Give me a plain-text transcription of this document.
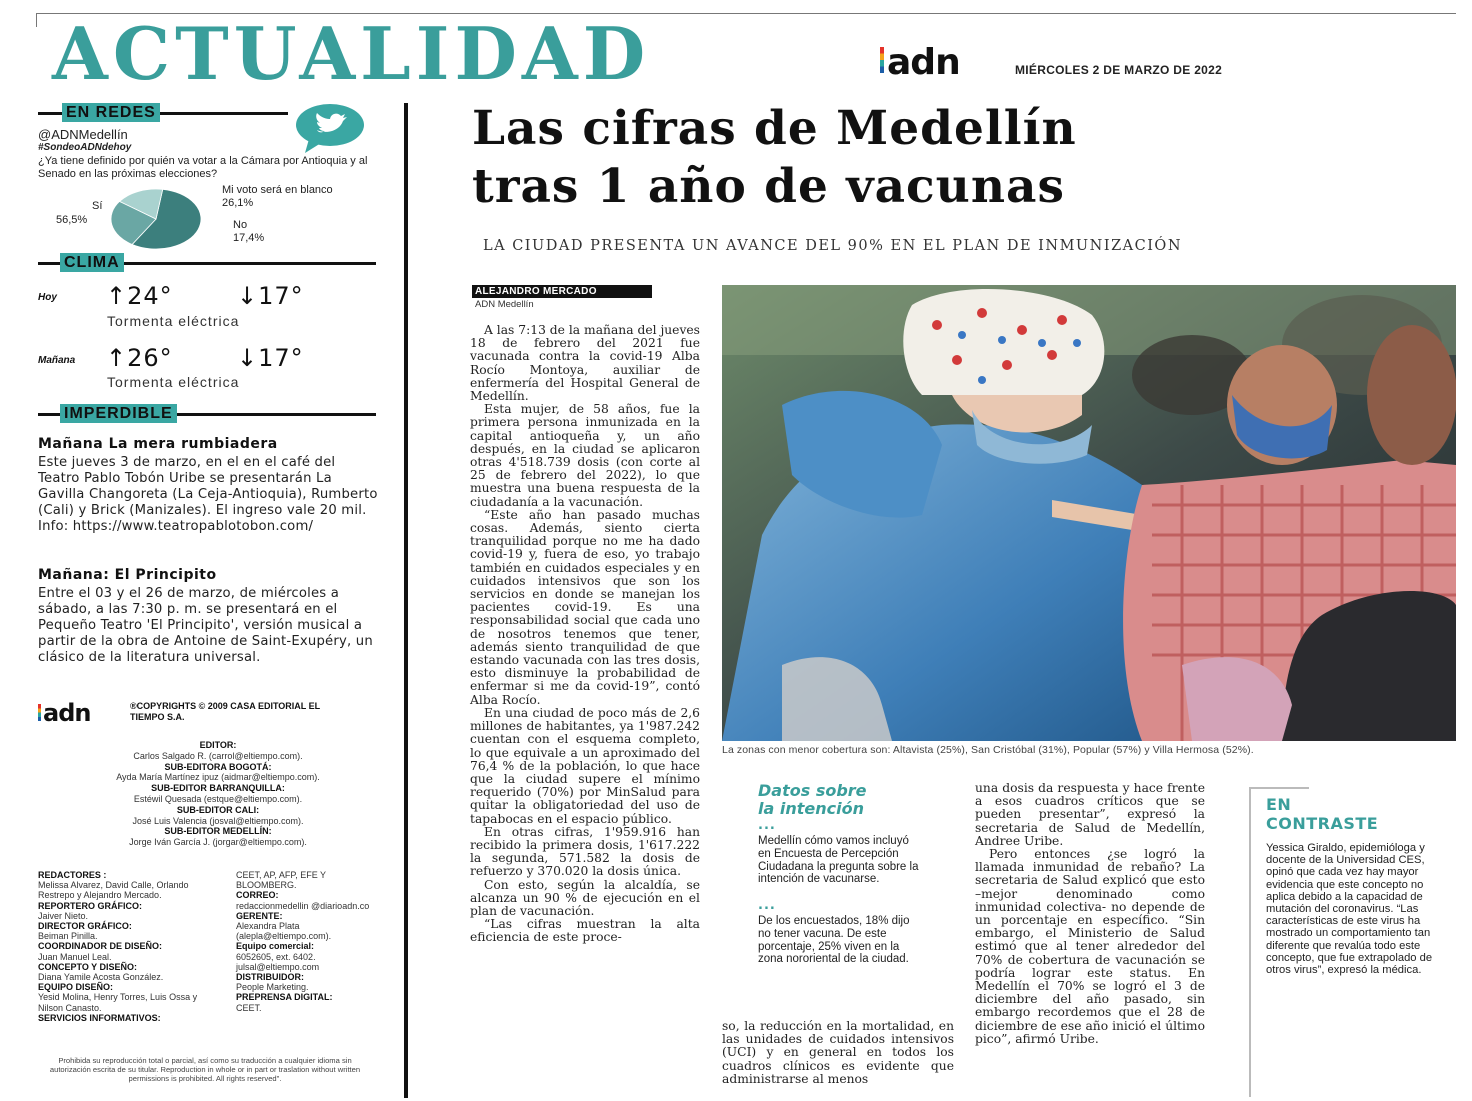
ACTUALIDAD	adn	MIÉRCOLES 2 DE MARZO DE 2022
EN REDES
@ADNMedellín
#SondeoADNdehoy
¿Ya tiene definido por quién va votar a la Cámara por Antioquia y al Senado en las próximas elecciones?
Sí
56,5%
Mi voto será en blanco
26,1%
No
17,4%
CLIMA
Hoy ↑24°	↓17°
Tormenta eléctrica
Mañana ↑26°	↓17°
Tormenta eléctrica
IMPERDIBLE
Mañana La mera rumbiadera
Este jueves 3 de marzo, en el en el café del Teatro Pablo Tobón Uribe se presentarán La Gavilla Changoreta (La Ceja-Antioquia), Rumberto (Cali) y Brick (Manizales). El ingreso vale 20 mil. Info: https://www.teatropablotobon.com/
Mañana: El Principito
Entre el 03 y el 26 de marzo, de miércoles a sábado, a las 7:30 p. m. se presentará en el Pequeño Teatro 'El Principito', versión musical a partir de la obra de Antoine de Saint-Exupéry, un clásico de la literatura universal.
adn	®COPYRIGHTS © 2009 CASA EDITORIAL EL TIEMPO S.A.
EDITOR:
Carlos Salgado R. (carrol@eltiempo.com).
SUB-EDITORA BOGOTÁ:
Ayda María Martínez ipuz (aidmar@eltiempo.com).
SUB-EDITOR BARRANQUILLA:
Estéwil Quesada (estque@eltiempo.com).
SUB-EDITOR CALI:
José Luis Valencia (josval@eltiempo.com).
SUB-EDITOR MEDELLÍN:
Jorge Iván García J. (jorgar@eltiempo.com).
REDACTORES :
Melissa Alvarez, David Calle, Orlando Restrepo y Alejandro Mercado.
REPORTERO GRÁFICO:
Jaiver Nieto.
DIRECTOR GRÁFICO:
Beiman Pinilla.
COORDINADOR DE DISEÑO:
Juan Manuel Leal.
CONCEPTO Y DISEÑO:
Diana Yamile Acosta González.
EQUIPO DISEÑO:
Yesid Molina, Henry Torres, Luis Ossa y Nilson Canasto.
SERVICIOS INFORMATIVOS:
CEET, AP, AFP, EFE Y BLOOMBERG.
CORREO:
redaccionmedellin @diarioadn.co
GERENTE:
Alexandra Plata (alepla@eltiempo.com).
Equipo comercial:
6052605, ext. 6402. julsal@eltiempo.com
DISTRIBUIDOR:
People Marketing.
PREPRENSA DIGITAL:
CEET.
Prohibida su reproducción total o parcial, así como su traducción a cualquier idioma sin autorización escrita de su titular. Reproduction in whole or in part or traslation without written permissions is prohibited. All rights reserved".
Las cifras de Medellín
tras 1 año de vacunas
LA CIUDAD PRESENTA UN AVANCE DEL 90% EN EL PLAN DE INMUNIZACIÓN
ALEJANDRO MERCADO
ADN Medellín

A las 7:13 de la mañana del jueves 18 de febrero del 2021 fue vacunada contra la covid-19 Alba Rocío Montoya, auxiliar de enfermería del Hospital General de Medellín.

Esta mujer, de 58 años, fue la primera persona inmunizada en la capital antioqueña y, un año después, en la ciudad se aplicaron otras 4'518.739 dosis (con corte al 25 de febrero del 2022), lo que muestra una buena respuesta de la ciudadanía a la vacunación.

“Este año han pasado muchas cosas. Además, siento cierta tranquilidad porque no me ha dado covid-19 y, fuera de eso, yo trabajo también en cuidados especiales y en cuidados intensivos que son los servicios en donde se manejan los pacientes covid-19. Es una responsabilidad social que cada uno de nosotros tenemos que tener, además siento tranquilidad de que estando vacunada con las tres dosis, esto disminuye la probabilidad de enfermar si me da covid-19”, contó Alba Rocío.

En una ciudad de poco más de 2,6 millones de habitantes, ya 1'987.242 cuentan con el esquema completo, lo que equivale a un aproximado del 76,4 % de la población, lo que hace que la ciudad supere el mínimo requerido (70%) por MinSalud para quitar la obligatoriedad del uso de tapabocas en el espacio público.

En otras cifras, 1'959.916 han recibido la primera dosis, 1'617.222 la segunda, 571.582 la dosis de refuerzo y 370.020 la dosis única.

Con esto, según la alcaldía, se alcanza un 90 % de ejecución en el plan de vacunación.

“Las cifras muestran la alta eficiencia de este proce-

La zonas con menor cobertura son: Altavista (25%), San Cristóbal (31%), Popular (57%) y Villa Hermosa (52%).
Datos sobre
la intención
...
Medellín cómo vamos incluyó en Encuesta de Percepción Ciudadana la pregunta sobre la intención de vacunarse.
...
De los encuestados, 18% dijo no tener vacuna. De este porcentaje, 25% viven en la zona nororiental de la ciudad.
so, la reducción en la mortalidad, en las unidades de cuidados intensivos (UCI) y en general en todos los cuadros clínicos es evidente que administrarse al menos
una dosis da respuesta y hace frente a esos cuadros críticos que se pueden presentar”, expresó la secretaria de Salud de Medellín, Andree Uribe.

Pero entonces ¿se logró la llamada inmunidad de rebaño? La secretaria de Salud explicó que esto –mejor denominado como inmunidad colectiva- no depende de un porcentaje en específico. “Sin embargo, el Ministerio de Salud estimó que al tener alrededor del 70% de cobertura de vacunación se podría lograr este status. En Medellín el 70% se logró el 3 de diciembre del año pasado, sin embargo recordemos que el 28 de diciembre de ese año inició el último pico”, afirmó Uribe.

EN
CONTRASTE
Yessica Giraldo, epidemióloga y docente de la Universidad CES, opinó que cada vez hay mayor evidencia que este concepto no aplica debido a la capacidad de mutación del coronavirus. “Las características de este virus ha mostrado un comportamiento tan diferente que revalúa todo este concepto, que fue extrapolado de otros virus”, expresó la médica.
